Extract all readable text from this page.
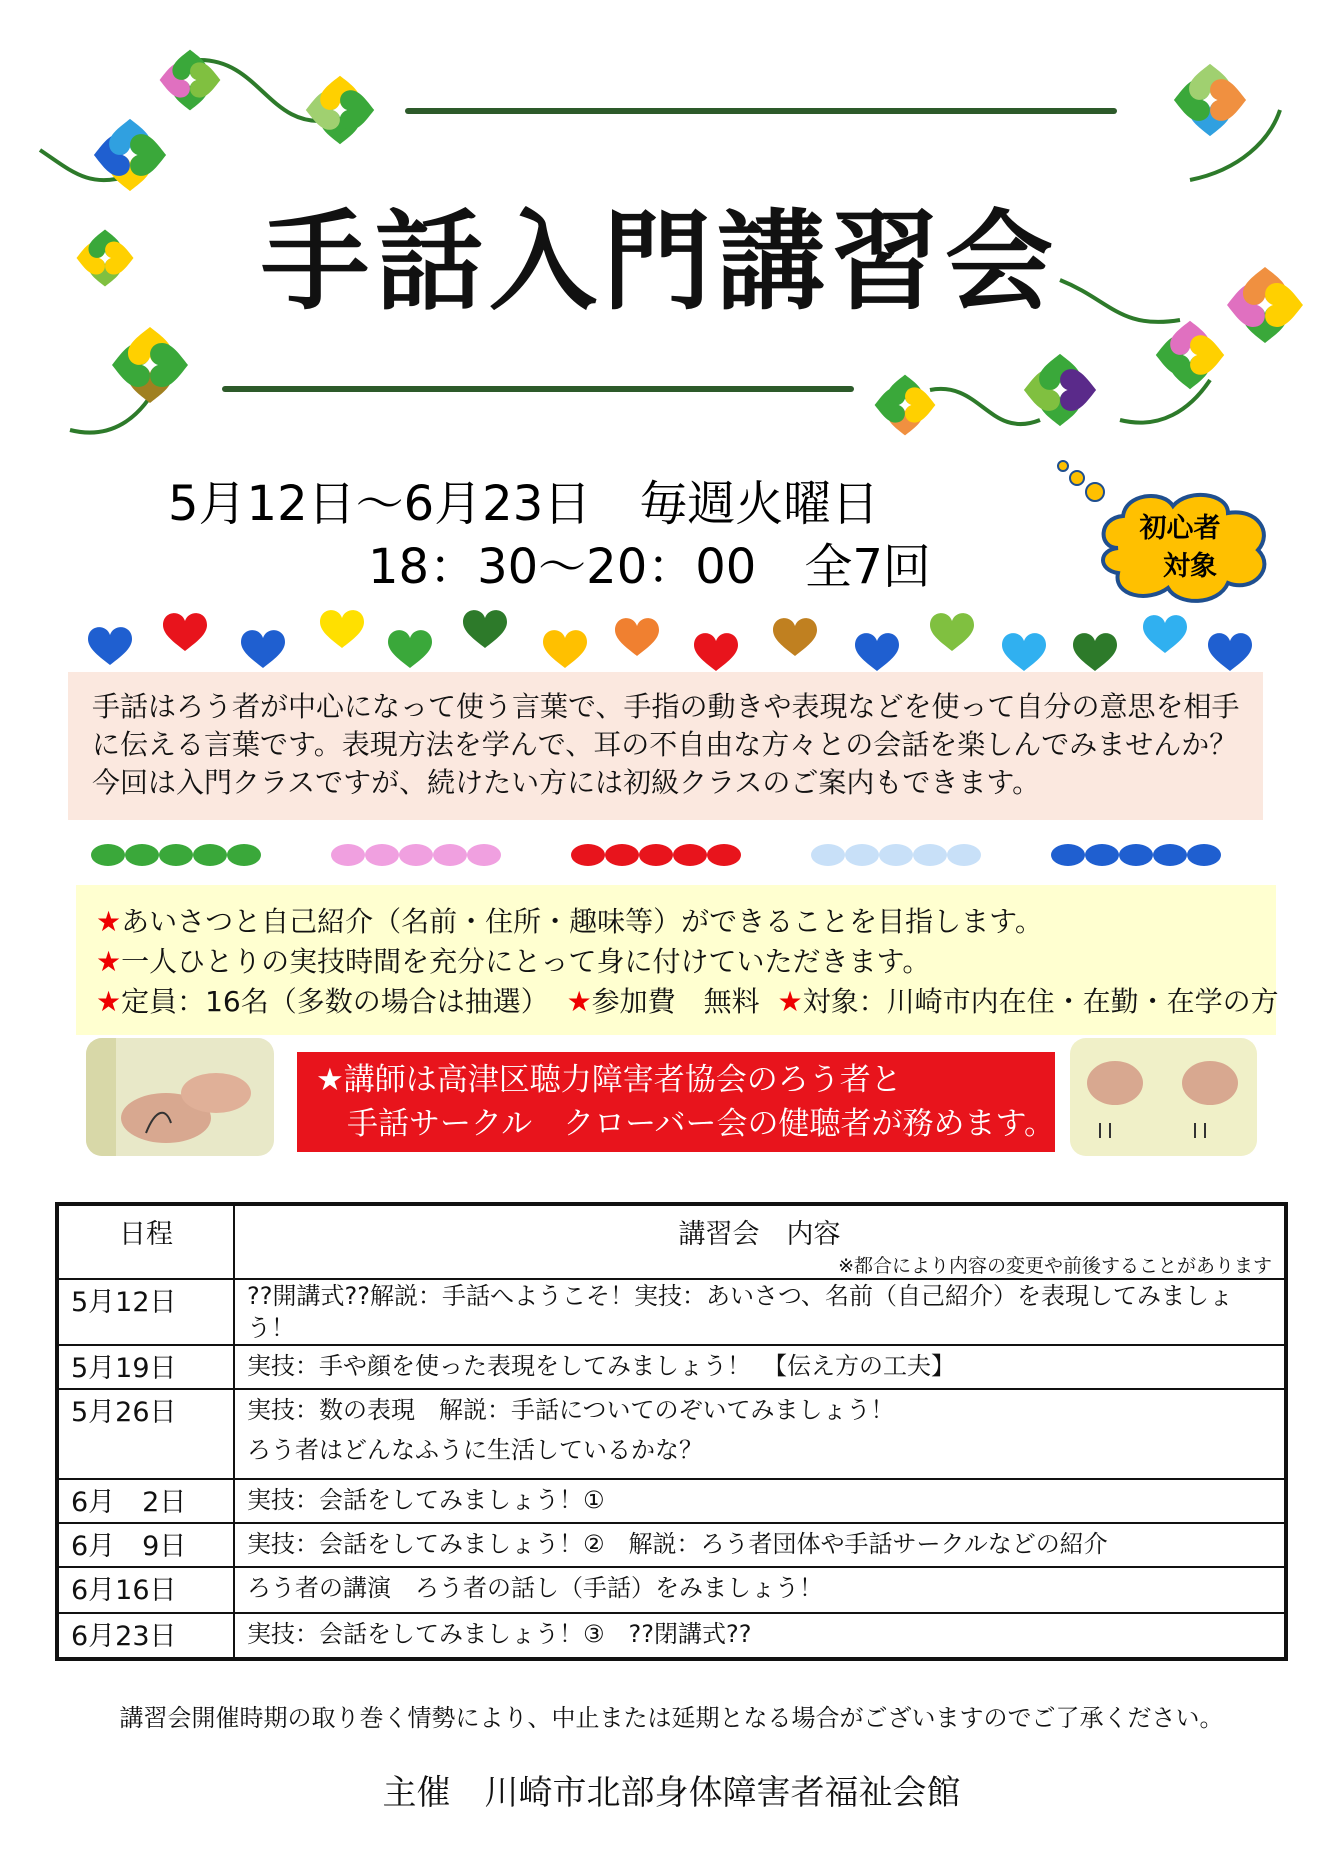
手話入門講習会
5月12日～6月23日　毎週火曜日
18：30～20：00　全7回
初心者
対象
手話はろう者が中心になって使う言葉で、手指の動きや表現などを使って自分の意思を相手に伝える言葉です。表現方法を学んで、耳の不自由な方々との会話を楽しんでみませんか？今回は入門クラスですが、続けたい方には初級クラスのご案内もできます。
★あいさつと自己紹介（名前・住所・趣味等）ができることを目指します。
★一人ひとりの実技時間を充分にとって身に付けていただきます。
★定員：16名（多数の場合は抽選） ★参加費　無料 ★対象：川崎市内在住・在勤・在学の方
★講師は高津区聴力障害者協会のろう者と
　手話サークル　クローバー会の健聴者が務めます。
日程	講習会　内容
※都合により内容の変更や前後することがあります

5月12日	??開講式??解説：手話へようこそ！実技：あいさつ、名前（自己紹介）を表現してみましょう！
5月19日	実技：手や顔を使った表現をしてみましょう！　【伝え方の工夫】
5月26日	実技：数の表現　解説：手話についてのぞいてみましょう！
ろう者はどんなふうに生活しているかな？

6月　2日	実技：会話をしてみましょう！①
6月　9日	実技：会話をしてみましょう！②　解説：ろう者団体や手話サークルなどの紹介
6月16日	ろう者の講演　ろう者の話し（手話）をみましょう！
6月23日	実技：会話をしてみましょう！③　??閉講式??
講習会開催時期の取り巻く情勢により、中止または延期となる場合がございますのでご了承ください。
主催　川崎市北部身体障害者福祉会館
